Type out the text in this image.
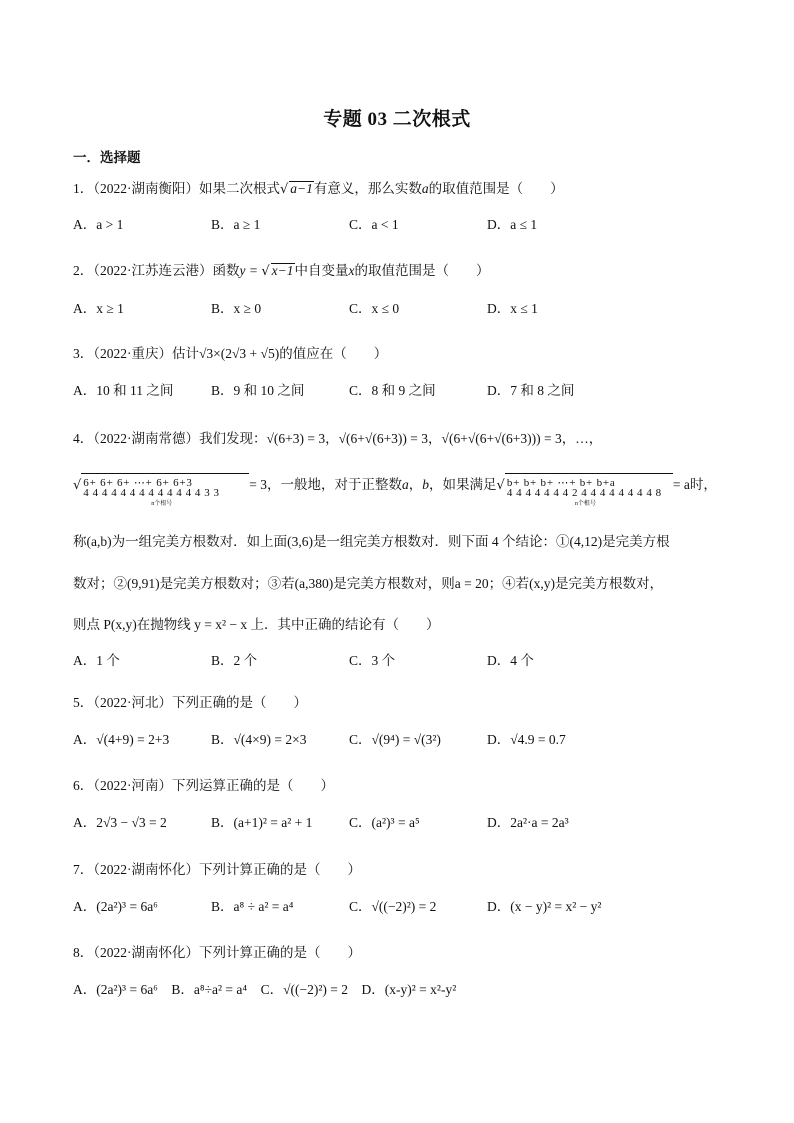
专题 03 二次根式
一．选择题
1．（2022·湖南衡阳）如果二次根式√ a−1有意义，那么实数a的取值范围是（　　）
A．a > 1	B．a ≥ 1	C．a < 1	D．a ≤ 1
2．（2022·江苏连云港）函数y = √ x−1中自变量x的取值范围是（　　）
A．x ≥ 1	B．x ≥ 0	C．x ≤ 0	D．x ≤ 1
3．（2022·重庆）估计√3×(2√3 + √5)的值应在（　　）
A．10 和 11 之间	B．9 和 10 之间	C．8 和 9 之间	D．7 和 8 之间
4．（2022·湖南常德）我们发现：√(6+3) = 3，√(6+√(6+3)) = 3，√(6+√(6+√(6+3))) = 3，…，
√ 6+ 6+ 6+ ⋯+ 6+ 6+3
444444444444433
n个根号
= 3，一般地，对于正整数a，b，如果满足√ b+ b+ b+ ⋯+ b+ b+a
44444442444444448
n个根号
= a时，
称(a,b)为一组完美方根数对．如上面(3,6)是一组完美方根数对．则下面 4 个结论：①(4,12)是完美方根
数对；②(9,91)是完美方根数对；③若(a,380)是完美方根数对，则a = 20；④若(x,y)是完美方根数对，
则点 P(x,y)在抛物线 y = x² − x 上．其中正确的结论有（　　）
A．1 个	B．2 个	C．3 个	D．4 个
5．（2022·河北）下列正确的是（　　）
A．√(4+9) = 2+3	B．√(4×9) = 2×3	C．√(9⁴) = √(3²)	D．√4.9 = 0.7
6．（2022·河南）下列运算正确的是（　　）
A．2√3 − √3 = 2	B．(a+1)² = a² + 1	C．(a²)³ = a⁵	D．2a²·a = 2a³
7．（2022·湖南怀化）下列计算正确的是（　　）
A．(2a²)³ = 6a⁶	B．a⁸ ÷ a² = a⁴	C．√((−2)²) = 2	D．(x − y)² = x² − y²
8．（2022·湖南怀化）下列计算正确的是（　　）
A．(2a²)³ = 6a⁶　B．a⁸÷a² = a⁴　C．√((−2)²) = 2　D．(x-y)² = x²-y²
